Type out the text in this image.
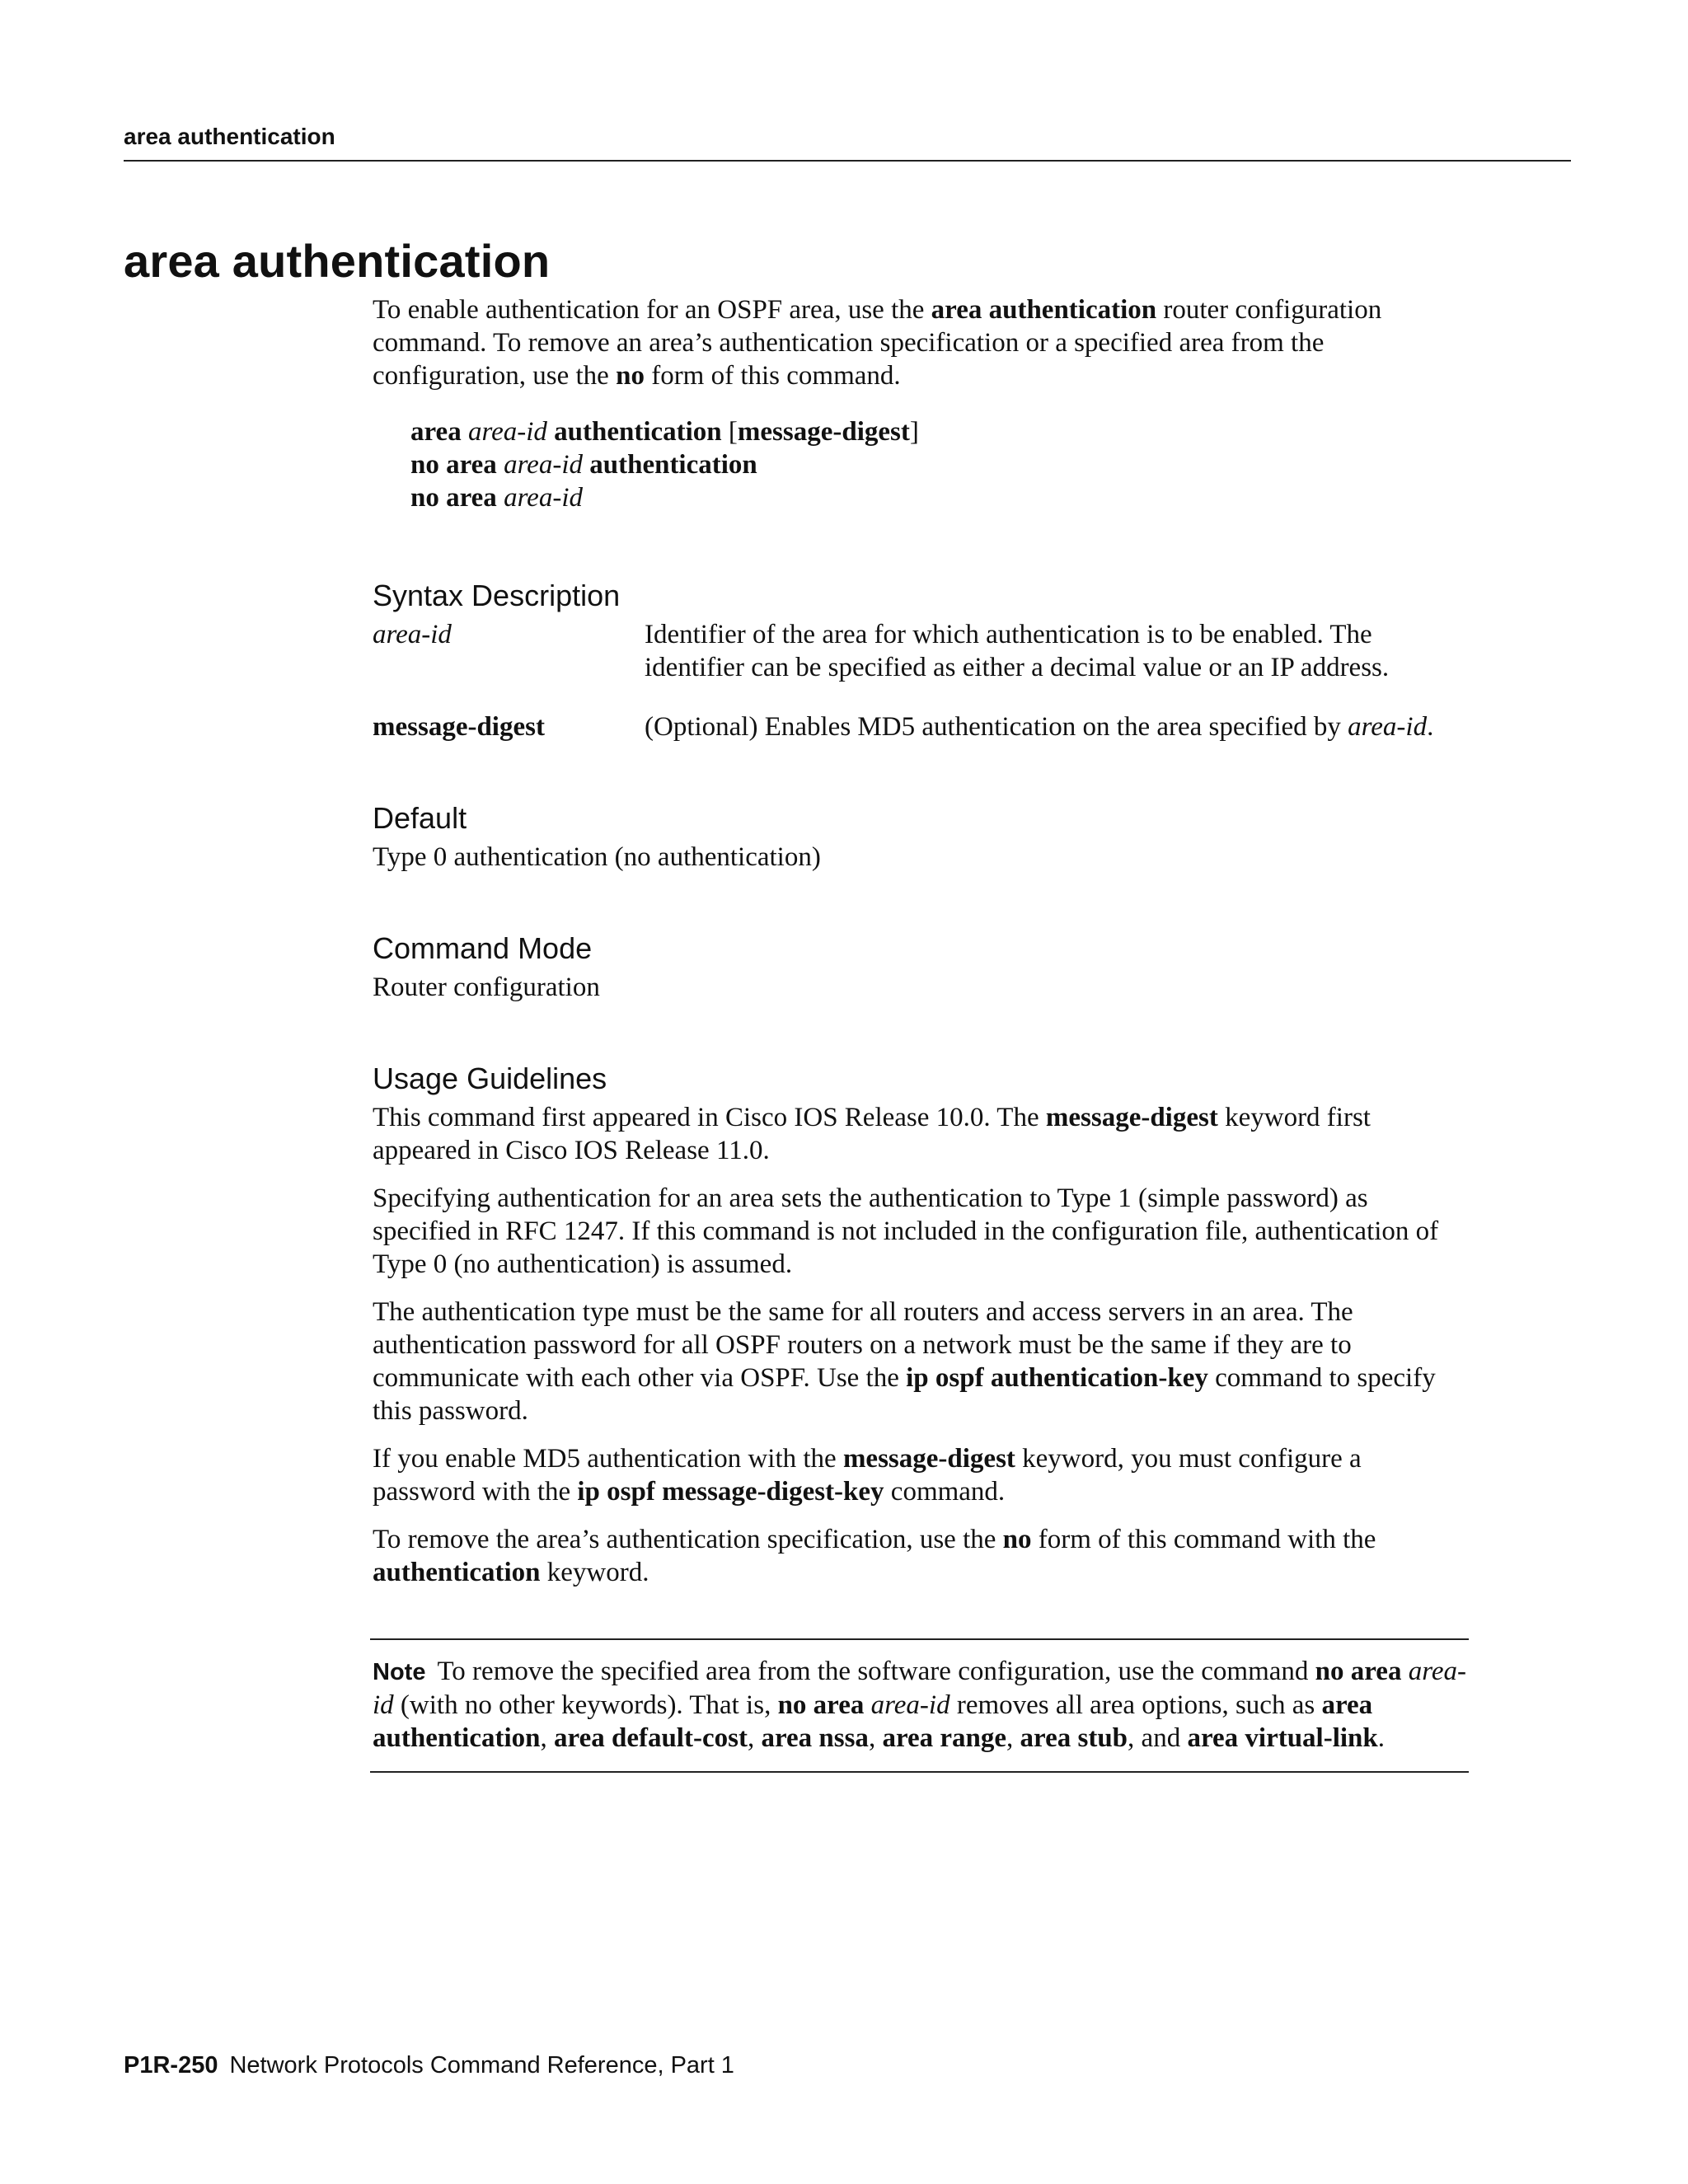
area authentication
area authentication

To enable authentication for an OSPF area, use the area authentication router configuration command. To remove an area’s authentication specification or a specified area from the configuration, use the no form of this command.

area area-id authentication [message-digest]
no area area-id authentication
no area area-id
Syntax Description
area-id	Identifier of the area for which authentication is to be enabled. The identifier can be specified as either a decimal value or an IP address.
message-digest	(Optional) Enables MD5 authentication on the area specified by area-id.
Default

Type 0 authentication (no authentication)

Command Mode

Router configuration

Usage Guidelines

This command first appeared in Cisco IOS Release 10.0. The message-digest keyword first appeared in Cisco IOS Release 11.0.

Specifying authentication for an area sets the authentication to Type 1 (simple password) as specified in RFC 1247. If this command is not included in the configuration file, authentication of Type 0 (no authentication) is assumed.

The authentication type must be the same for all routers and access servers in an area. The authentication password for all OSPF routers on a network must be the same if they are to communicate with each other via OSPF. Use the ip ospf authentication-key command to specify this password.

If you enable MD5 authentication with the message-digest keyword, you must configure a password with the ip ospf message-digest-key command.

To remove the area’s authentication specification, use the no form of this command with the authentication keyword.

Note To remove the specified area from the software configuration, use the command no area area-id (with no other keywords). That is, no area area-id removes all area options, such as area authentication, area default-cost, area nssa, area range, area stub, and area virtual-link.
P1R-250 Network Protocols Command Reference, Part 1
